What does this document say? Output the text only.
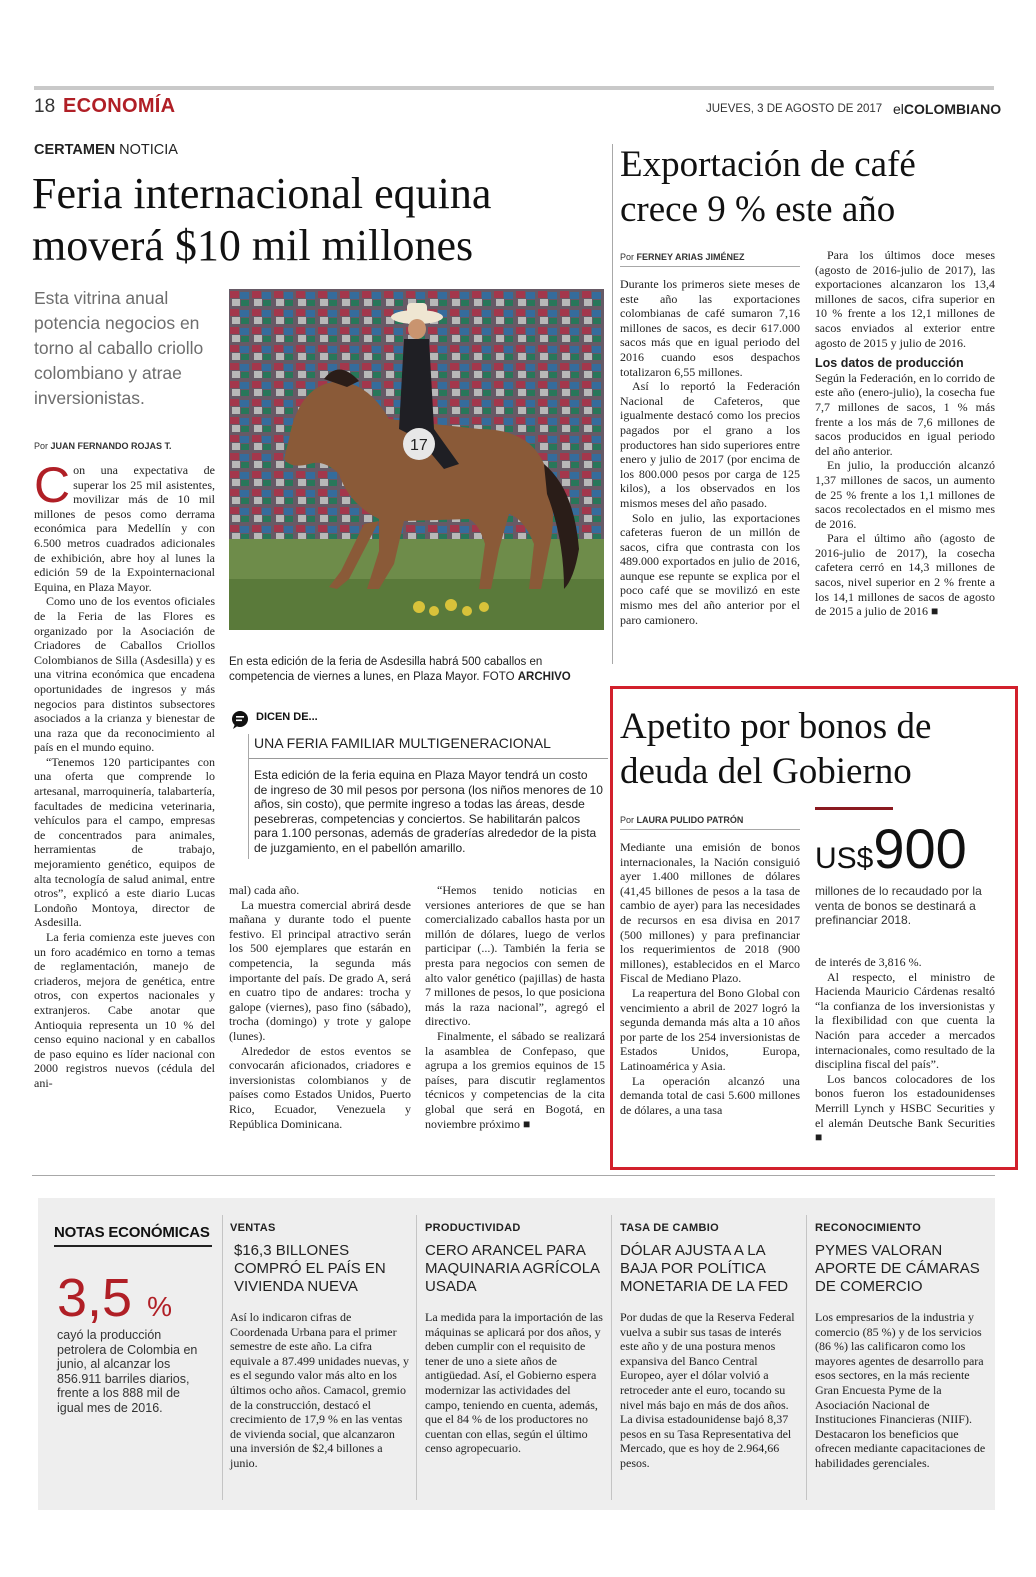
18 ECONOMÍA	JUEVES, 3 DE AGOSTO DE 2017 elCOLOMBIANO
CERTAMEN NOTICIA
Feria internacional equina moverá $10 mil millones
Esta vitrina anual potencia negocios en torno al caballo criollo colombiano y atrae inversionistas.
Por JUAN FERNANDO ROJAS T.
C on una expectativa de superar los 25 mil asistentes, movilizar más de 10 mil millones de pesos como derrama económica para Medellín y con 6.500 metros cuadrados adicionales de exhibición, abre hoy al lunes la edición 59 de la Expointernacional Equina, en Plaza Mayor.

Como uno de los eventos oficiales de la Feria de las Flores es organizado por la Asociación de Criadores de Caballos Criollos Colombianos de Silla (Asdesilla) y es una vitrina económica que encadena oportunidades de ingresos y más negocios para distintos subsectores asociados a la crianza y bienestar de una raza que da reconocimiento al país en el mundo equino.

“Tenemos 120 participantes con una oferta que comprende lo artesanal, marroquinería, talabartería, facultades de medicina veterinaria, vehículos para el campo, empresas de concentrados para animales, herramientas de trabajo, mejoramiento genético, equipos de alta tecnología de salud animal, entre otros”, explicó a este diario Lucas Londoño Montoya, director de Asdesilla.

La feria comienza este jueves con un foro académico en torno a temas de reglamentación, manejo de criaderos, mejora de genética, entre otros, con expertos nacionales y extranjeros. Cabe anotar que Antioquia representa un 10 % del censo equino nacional y en caballos de paso equino es líder nacional con 2000 registros nuevos (cédula del ani-

mal) cada año.

La muestra comercial abrirá desde mañana y durante todo el puente festivo. El principal atractivo serán los 500 ejemplares que estarán en competencia, la segunda más importante del país. De grado A, será en cuatro tipo de andares: trocha y galope (viernes), paso fino (sábado), trocha (domingo) y trote y galope (lunes).

Alrededor de estos eventos se convocarán aficionados, criadores e inversionistas colombianos y de países como Estados Unidos, Puerto Rico, Ecuador, Venezuela y República Dominicana.

“Hemos tenido noticias en versiones anteriores de que se han comercializado caballos hasta por un millón de dólares, luego de verlos participar (...). También la feria se presta para negocios con semen de alto valor genético (pajillas) de hasta 7 millones de pesos, lo que posiciona más la raza nacional”, agregó el directivo.

Finalmente, el sábado se realizará la asamblea de Confepaso, que agrupa a los gremios equinos de 15 países, para discutir reglamentos técnicos y competencias de la cita global que será en Bogotá, en noviembre próximo ■

17
En esta edición de la feria de Asdesilla habrá 500 caballos en competencia de viernes a lunes, en Plaza Mayor. FOTO ARCHIVO
DICEN DE...
UNA FERIA FAMILIAR MULTIGENERACIONAL
Esta edición de la feria equina en Plaza Mayor tendrá un costo de ingreso de 30 mil pesos por persona (los niños menores de 10 años, sin costo), que permite ingreso a todas las áreas, desde pesebreras, competencias y conciertos. Se habilitarán palcos para 1.100 personas, además de graderías alrededor de la pista de juzgamiento, en el pabellón amarillo.
Exportación de café crece 9 % este año
Por FERNEY ARIAS JIMÉNEZ

Durante los primeros siete meses de este año las exportaciones colombianas de café sumaron 7,16 millones de sacos, es decir 617.000 sacos más que en igual periodo del 2016 cuando esos despachos totalizaron 6,55 millones.

Así lo reportó la Federación Nacional de Cafeteros, que igualmente destacó como los precios pagados por el grano a los productores han sido superiores entre enero y julio de 2017 (por encima de los 800.000 pesos por carga de 125 kilos), a los observados en los mismos meses del año pasado.

Solo en julio, las exportaciones cafeteras fueron de un millón de sacos, cifra que contrasta con los 489.000 exportados en julio de 2016, aunque ese repunte se explica por el poco café que se movilizó en este mismo mes del año anterior por el paro camionero.

Para los últimos doce meses (agosto de 2016-julio de 2017), las exportaciones alcanzaron los 13,4 millones de sacos, cifra superior en 10 % frente a los 12,1 millones de sacos enviados al exterior entre agosto de 2015 y julio de 2016.

Los datos de producción

Según la Federación, en lo corrido de este año (enero-julio), la cosecha fue 7,7 millones de sacos, 1 % más frente a los más de 7,6 millones de sacos producidos en igual periodo del año anterior.

En julio, la producción alcanzó 1,37 millones de sacos, un aumento de 25 % frente a los 1,1 millones de sacos recolectados en el mismo mes de 2016.

Para el último año (agosto de 2016-julio de 2017), la cosecha cafetera cerró en 14,3 millones de sacos, nivel superior en 2 % frente a los 14,1 millones de sacos de agosto de 2015 a julio de 2016 ■

Apetito por bonos de deuda del Gobierno
Por LAURA PULIDO PATRÓN

Mediante una emisión de bonos internacionales, la Nación consiguió ayer 1.400 millones de dólares (41,45 billones de pesos a la tasa de cambio de ayer) para las necesidades de recursos en esa divisa en 2017 (500 millones) y para prefinanciar los requerimientos de 2018 (900 millones), establecidos en el Marco Fiscal de Mediano Plazo.

La reapertura del Bono Global con vencimiento a abril de 2027 logró la segunda demanda más alta a 10 años por parte de los 254 inversionistas de Estados Unidos, Europa, Latinoamérica y Asia.

La operación alcanzó una demanda total de casi 5.600 millones de dólares, a una tasa

US$900
millones de lo recaudado por la venta de bonos se destinará a prefinanciar 2018.

de interés de 3,816 %.

Al respecto, el ministro de Hacienda Mauricio Cárdenas resaltó “la confianza de los inversionistas y la flexibilidad con que cuenta la Nación para acceder a mercados internacionales, como resultado de la disciplina fiscal del país”.

Los bancos colocadores de los bonos fueron los estadounidenses Merrill Lynch y HSBC Securities y el alemán Deutsche Bank Securities ■

NOTAS ECONÓMICAS
3,5 %
cayó la producción petrolera de Colombia en junio, al alcanzar los 856.911 barriles diarios, frente a los 888 mil de igual mes de 2016.
VENTAS
$16,3 BILLONES COMPRÓ EL PAÍS EN VIVIENDA NUEVA
Así lo indicaron cifras de Coordenada Urbana para el primer semestre de este año. La cifra equivale a 87.499 unidades nuevas, y es el segundo valor más alto en los últimos ocho años. Camacol, gremio de la construcción, destacó el crecimiento de 17,9 % en las ventas de vivienda social, que alcanzaron una inversión de $2,4 billones a junio.
PRODUCTIVIDAD
CERO ARANCEL PARA MAQUINARIA AGRÍCOLA USADA
La medida para la importación de las máquinas se aplicará por dos años, y deben cumplir con el requisito de tener de uno a siete años de antigüedad. Así, el Gobierno espera modernizar las actividades del campo, teniendo en cuenta, además, que el 84 % de los productores no cuentan con ellas, según el último censo agropecuario.
TASA DE CAMBIO
DÓLAR AJUSTA A LA BAJA POR POLÍTICA MONETARIA DE LA FED
Por dudas de que la Reserva Federal vuelva a subir sus tasas de interés este año y de una postura menos expansiva del Banco Central Europeo, ayer el dólar volvió a retroceder ante el euro, tocando su nivel más bajo en más de dos años. La divisa estadounidense bajó 8,37 pesos en su Tasa Representativa del Mercado, que es hoy de 2.964,66 pesos.
RECONOCIMIENTO
PYMES VALORAN APORTE DE CÁMARAS DE COMERCIO
Los empresarios de la industria y comercio (85 %) y de los servicios (86 %) las calificaron como los mayores agentes de desarrollo para esos sectores, en la más reciente Gran Encuesta Pyme de la Asociación Nacional de Instituciones Financieras (NIIF). Destacaron los beneficios que ofrecen mediante capacitaciones de habilidades gerenciales.
